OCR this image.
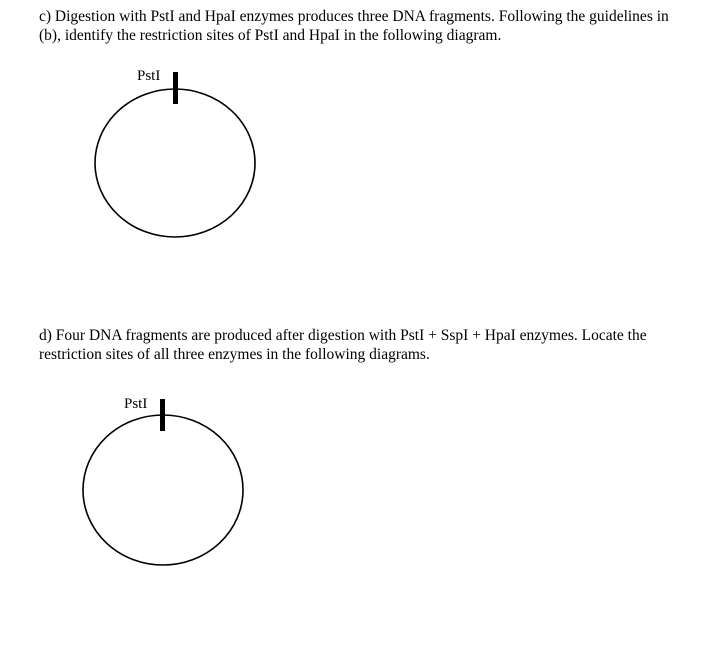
c) Digestion with PstI and HpaI enzymes produces three DNA fragments. Following the guidelines in (b), identify the restriction sites of PstI and HpaI in the following diagram.
PstI
d) Four DNA fragments are produced after digestion with PstI + SspI + HpaI enzymes. Locate the restriction sites of all three enzymes in the following diagrams.
PstI
